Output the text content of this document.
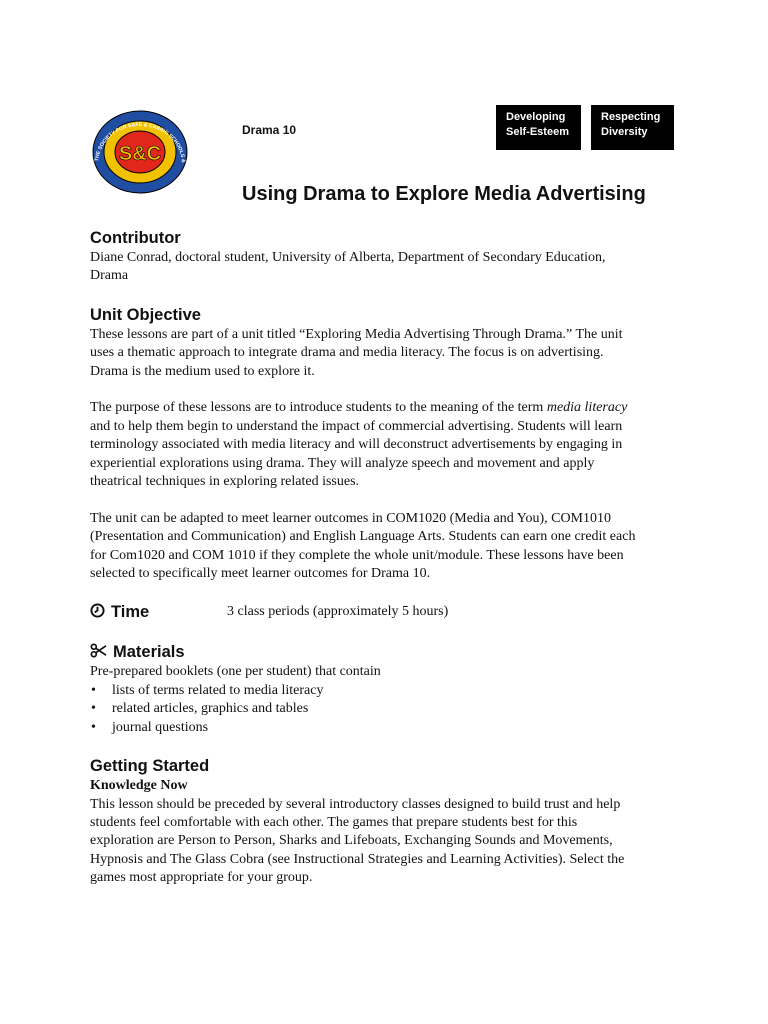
S&C
THE SOCIETY FOR SAFE & CARING SCHOOLS &
Drama 10
Developing
Self-Esteem
Respecting
Diversity
Using Drama to Explore Media Advertising
Contributor

Diane Conrad, doctoral student, University of Alberta, Department of Secondary Education,
Drama

Unit Objective

These lessons are part of a unit titled “Exploring Media Advertising Through Drama.” The unit
uses a thematic approach to integrate drama and media literacy. The focus is on advertising.
Drama is the medium used to explore it.

The purpose of these lessons are to introduce students to the meaning of the term media literacy
and to help them begin to understand the impact of commercial advertising. Students will learn
terminology associated with media literacy and will deconstruct advertisements by engaging in
experiential explorations using drama. They will analyze speech and movement and apply
theatrical techniques in exploring related issues.

The unit can be adapted to meet learner outcomes in COM1020 (Media and You), COM1010
(Presentation and Communication) and English Language Arts. Students can earn one credit each
for Com1020 and COM 1010 if they complete the whole unit/module. These lessons have been
selected to specifically meet learner outcomes for Drama 10.

Time	3 class periods (approximately 5 hours)
Materials

Pre-prepared booklets (one per student) that contain

• lists of terms related to media literacy
• related articles, graphics and tables
• journal questions
Getting Started

Knowledge Now

This lesson should be preceded by several introductory classes designed to build trust and help
students feel comfortable with each other. The games that prepare students best for this
exploration are Person to Person, Sharks and Lifeboats, Exchanging Sounds and Movements,
Hypnosis and The Glass Cobra (see Instructional Strategies and Learning Activities). Select the
games most appropriate for your group.
